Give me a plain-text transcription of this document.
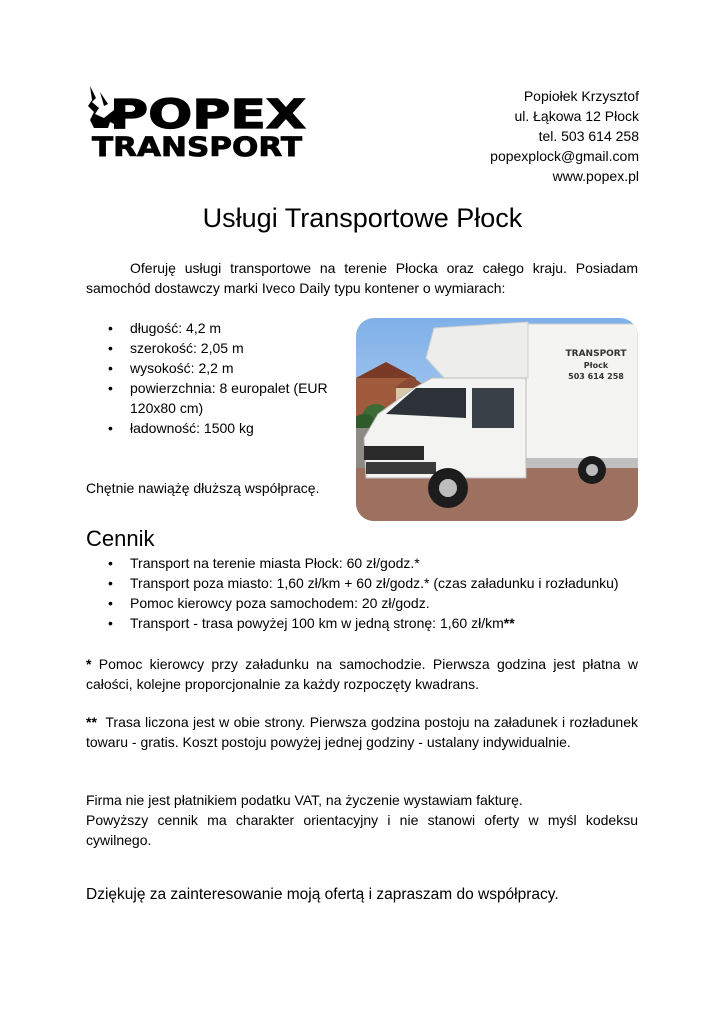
POPEX
TRANSPORT
Popiołek Krzysztof
ul. Łąkowa 12 Płock
tel. 503 614 258
popexplock@gmail.com
www.popex.pl
Usługi Transportowe Płock

Oferuję usługi transportowe na terenie Płocka oraz całego kraju. Posiadam samochód dostawczy marki Iveco Daily typu kontener o wymiarach:

• długość: 4,2 m
• szerokość: 2,05 m
• wysokość: 2,2 m
• powierzchnia: 8 europalet (EUR 120x80 cm)
• ładowność: 1500 kg
TRANSPORT
Płock
503 614 258
Chętnie nawiążę dłuższą współpracę.
Cennik
• Transport na terenie miasta Płock: 60 zł/godz.*
• Transport poza miasto: 1,60 zł/km + 60 zł/godz.* (czas załadunku i rozładunku)
• Pomoc kierowcy poza samochodem: 20 zł/godz.
• Transport - trasa powyżej 100 km w jedną stronę: 1,60 zł/km**

* Pomoc kierowcy przy załadunku na samochodzie. Pierwsza godzina jest płatna w całości, kolejne proporcjonalnie za każdy rozpoczęty kwadrans.

**  Trasa liczona jest w obie strony. Pierwsza godzina postoju na załadunek i rozładunek towaru - gratis. Koszt postoju powyżej jednej godziny - ustalany indywidualnie.

Firma nie jest płatnikiem podatku VAT, na życzenie wystawiam fakturę.
Powyższy cennik ma charakter orientacyjny i nie stanowi oferty w myśl kodeksu cywilnego.

Dziękuję za zainteresowanie moją ofertą i zapraszam do współpracy.
